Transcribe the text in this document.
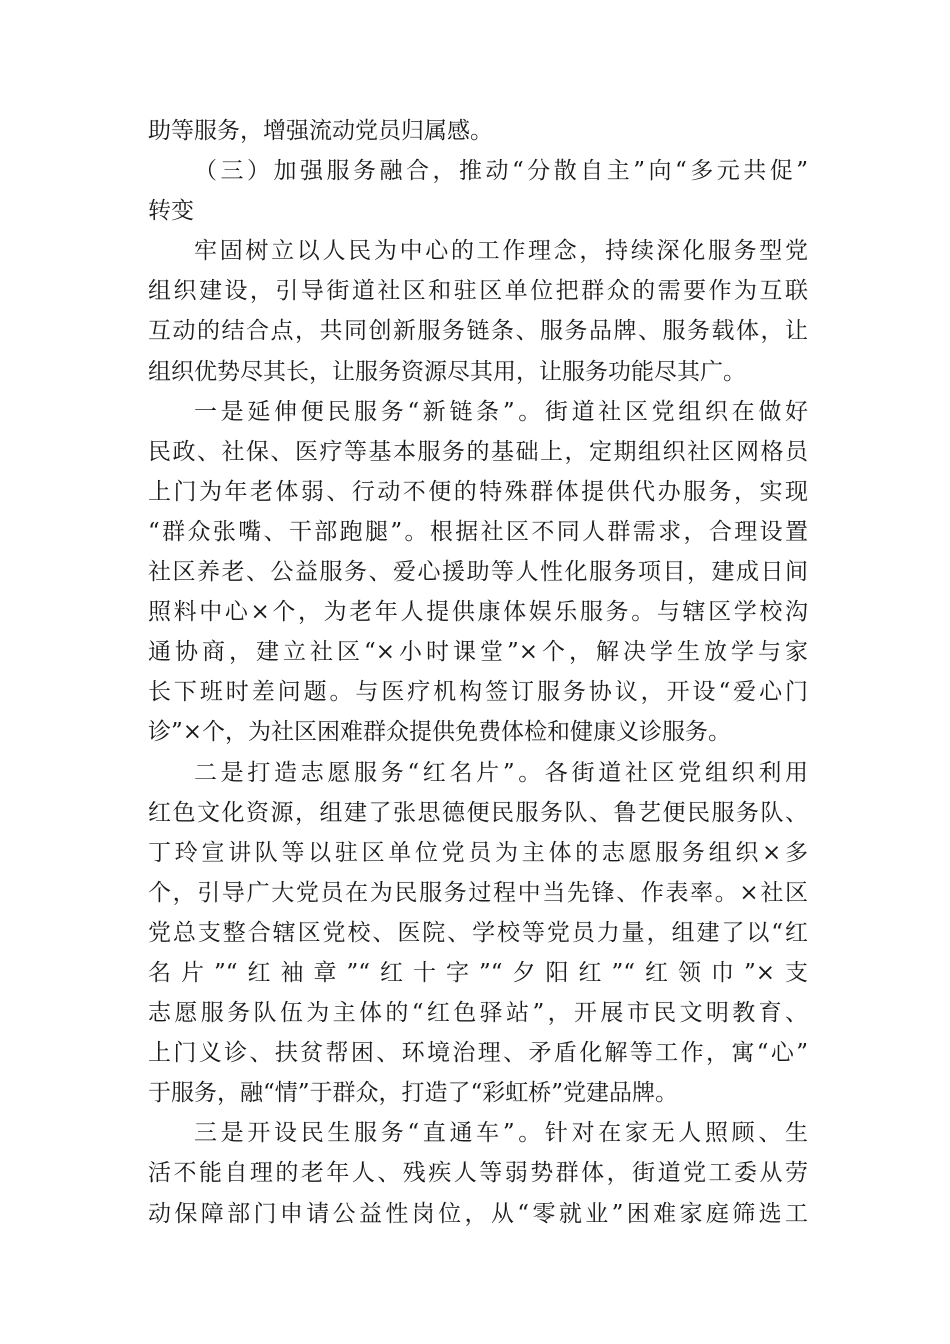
助等服务，增强流动党员归属感。
（三）加强服务融合，推动“分散自主”向“多元共促”
转变
牢固树立以人民为中心的工作理念，持续深化服务型党
组织建设，引导街道社区和驻区单位把群众的需要作为互联
互动的结合点，共同创新服务链条、服务品牌、服务载体，让
组织优势尽其长，让服务资源尽其用，让服务功能尽其广。
一是延伸便民服务“新链条”。街道社区党组织在做好
民政、社保、医疗等基本服务的基础上，定期组织社区网格员
上门为年老体弱、行动不便的特殊群体提供代办服务，实现
“群众张嘴、干部跑腿”。根据社区不同人群需求，合理设置
社区养老、公益服务、爱心援助等人性化服务项目，建成日间
照料中心×个，为老年人提供康体娱乐服务。与辖区学校沟
通协商，建立社区“×小时课堂”×个，解决学生放学与家
长下班时差问题。与医疗机构签订服务协议，开设“爱心门
诊”×个，为社区困难群众提供免费体检和健康义诊服务。
二是打造志愿服务“红名片”。各街道社区党组织利用
红色文化资源，组建了张思德便民服务队、鲁艺便民服务队、
丁玲宣讲队等以驻区单位党员为主体的志愿服务组织×多
个，引导广大党员在为民服务过程中当先锋、作表率。×社区
党总支整合辖区党校、医院、学校等党员力量，组建了以“红
名片”“红袖章”“红十字”“夕阳红”“红领巾”×支
志愿服务队伍为主体的“红色驿站”，开展市民文明教育、
上门义诊、扶贫帮困、环境治理、矛盾化解等工作，寓“心”
于服务，融“情”于群众，打造了“彩虹桥”党建品牌。
三是开设民生服务“直通车”。针对在家无人照顾、生
活不能自理的老年人、残疾人等弱势群体，街道党工委从劳
动保障部门申请公益性岗位，从“零就业”困难家庭筛选工
